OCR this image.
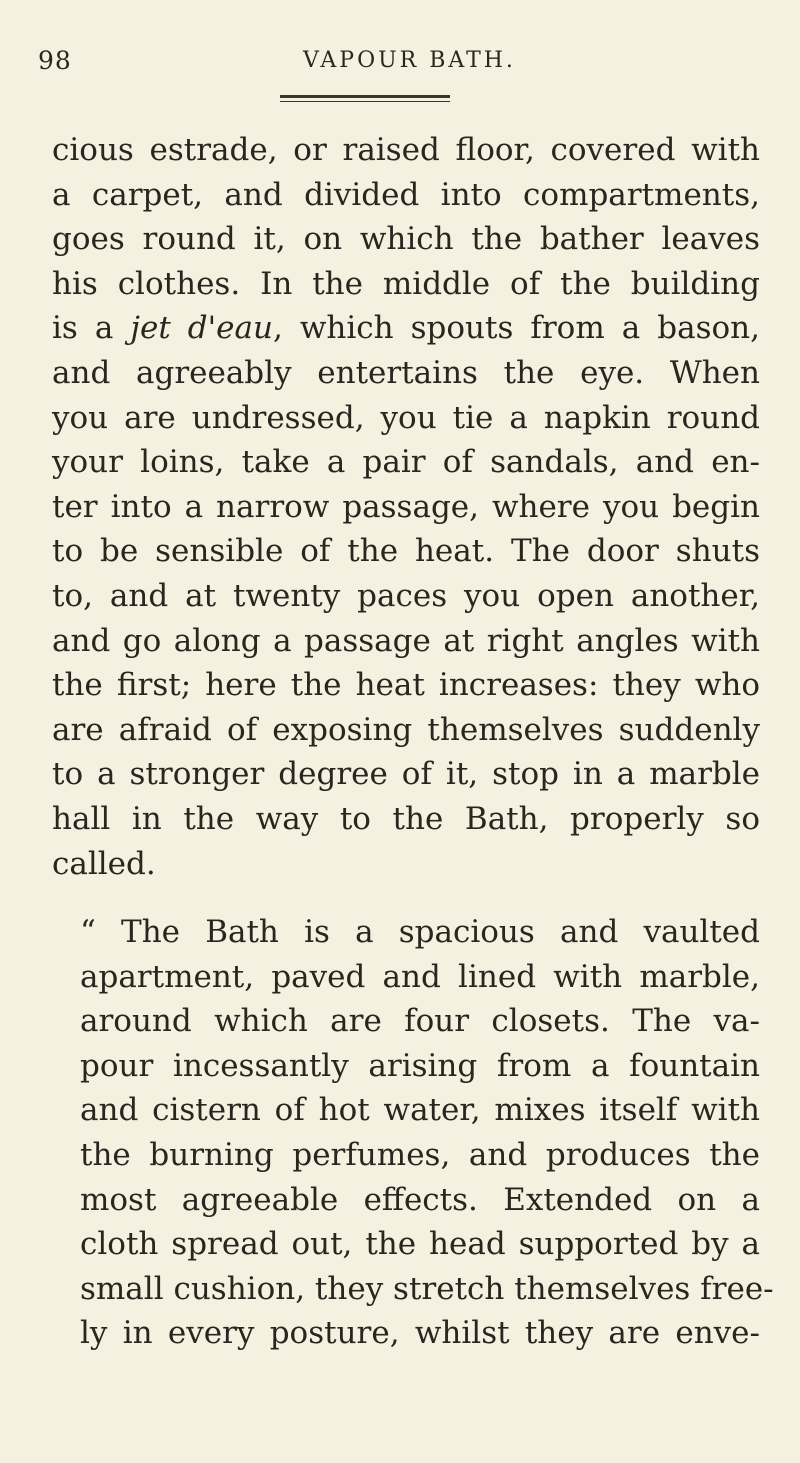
98	VAPOUR BATH.

cious estrade, or raised floor, covered with
a carpet, and divided into compartments,
goes round it, on which the bather leaves
his clothes. In the middle of the building
is a jet d'eau, which spouts from a bason,
and agreeably entertains the eye. When
you are undressed, you tie a napkin round
your loins, take a pair of sandals, and en-
ter into a narrow passage, where you begin
to be sensible of the heat. The door shuts
to, and at twenty paces you open another,
and go along a passage at right angles with
the first; here the heat increases: they who
are afraid of exposing themselves suddenly
to a stronger degree of it, stop in a marble
hall in the way to the Bath, properly so
called.

“ The Bath is a spacious and vaulted
apartment, paved and lined with marble,
around which are four closets. The va-
pour incessantly arising from a fountain
and cistern of hot water, mixes itself with
the burning perfumes, and produces the
most agreeable effects. Extended on a
cloth spread out, the head supported by a
small cushion, they stretch themselves free-
ly in every posture, whilst they are enve-
